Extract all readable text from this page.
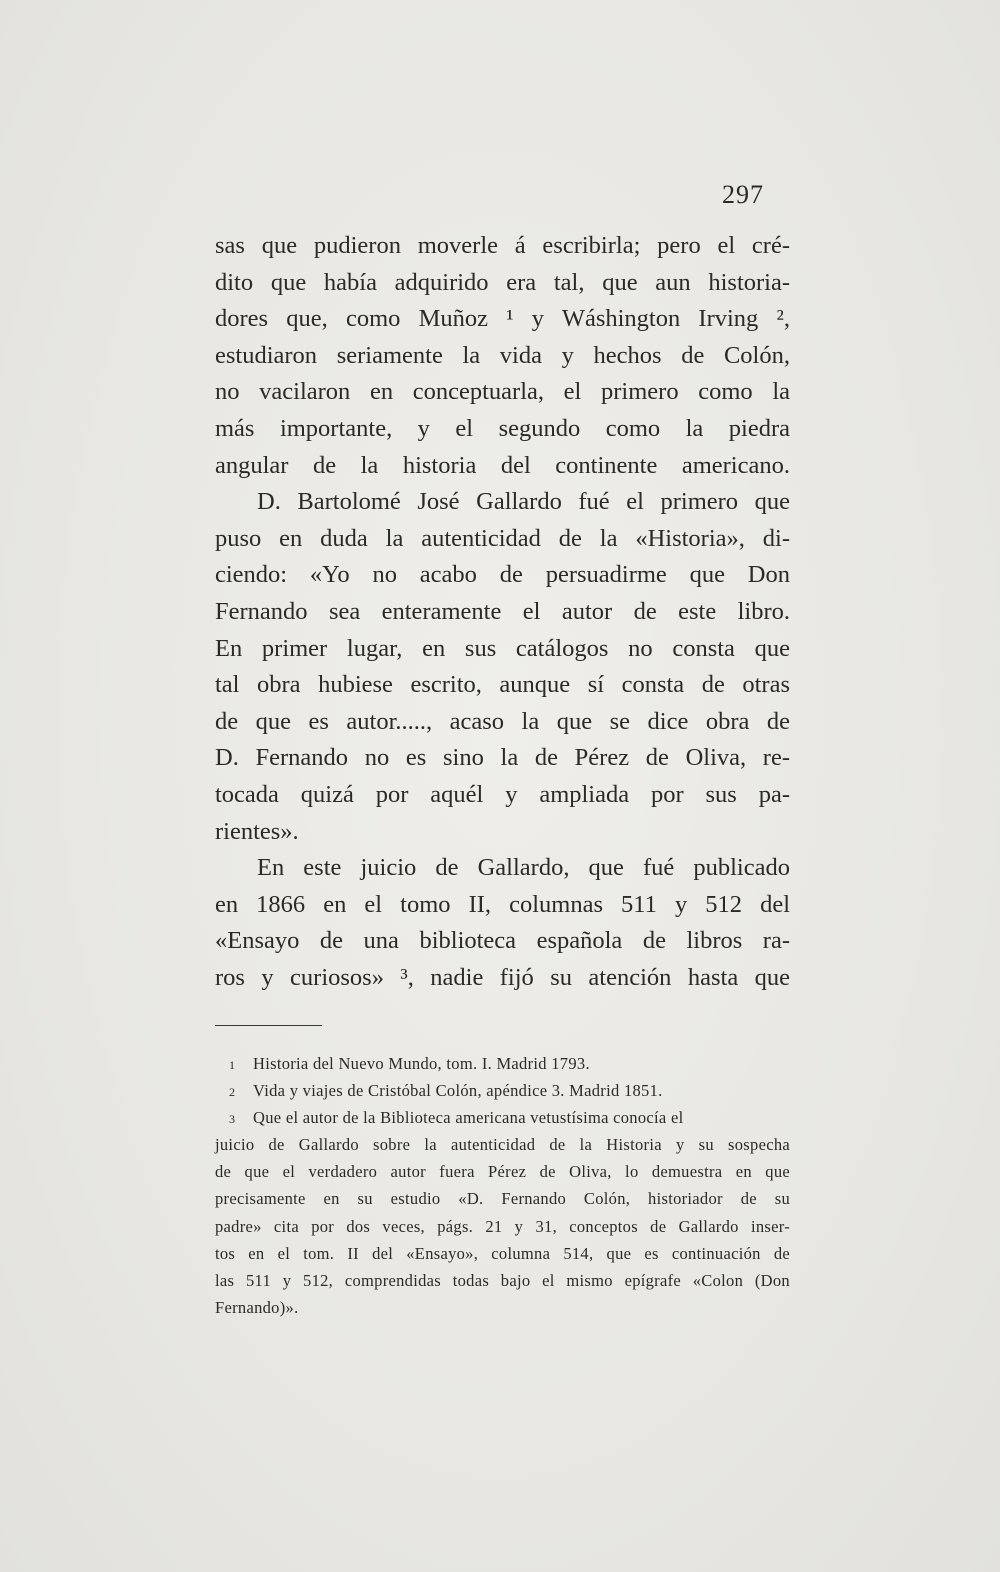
297
sas que pudieron moverle á escribirla; pero el cré-
dito que había adquirido era tal, que aun historia-
dores que, como Muñoz ¹ y Wáshington Irving ²,
estudiaron seriamente la vida y hechos de Colón,
no vacilaron en conceptuarla, el primero como la
más importante, y el segundo como la piedra
angular de la historia del continente americano.
D. Bartolomé José Gallardo fué el primero que
puso en duda la autenticidad de la «Historia», di-
ciendo: «Yo no acabo de persuadirme que Don
Fernando sea enteramente el autor de este libro.
En primer lugar, en sus catálogos no consta que
tal obra hubiese escrito, aunque sí consta de otras
de que es autor....., acaso la que se dice obra de
D. Fernando no es sino la de Pérez de Oliva, re-
tocada quizá por aquél y ampliada por sus pa-
rientes».
En este juicio de Gallardo, que fué publicado
en 1866 en el tomo II, columnas 511 y 512 del
«Ensayo de una biblioteca española de libros ra-
ros y curiosos» ³, nadie fijó su atención hasta que
1 Historia del Nuevo Mundo, tom. I. Madrid 1793.
2 Vida y viajes de Cristóbal Colón, apéndice 3. Madrid 1851.
3 Que el autor de la Biblioteca americana vetustísima conocía el
juicio de Gallardo sobre la autenticidad de la Historia y su sospecha
de que el verdadero autor fuera Pérez de Oliva, lo demuestra en que
precisamente en su estudio «D. Fernando Colón, historiador de su
padre» cita por dos veces, págs. 21 y 31, conceptos de Gallardo inser-
tos en el tom. II del «Ensayo», columna 514, que es continuación de
las 511 y 512, comprendidas todas bajo el mismo epígrafe «Colon (Don
Fernando)».
